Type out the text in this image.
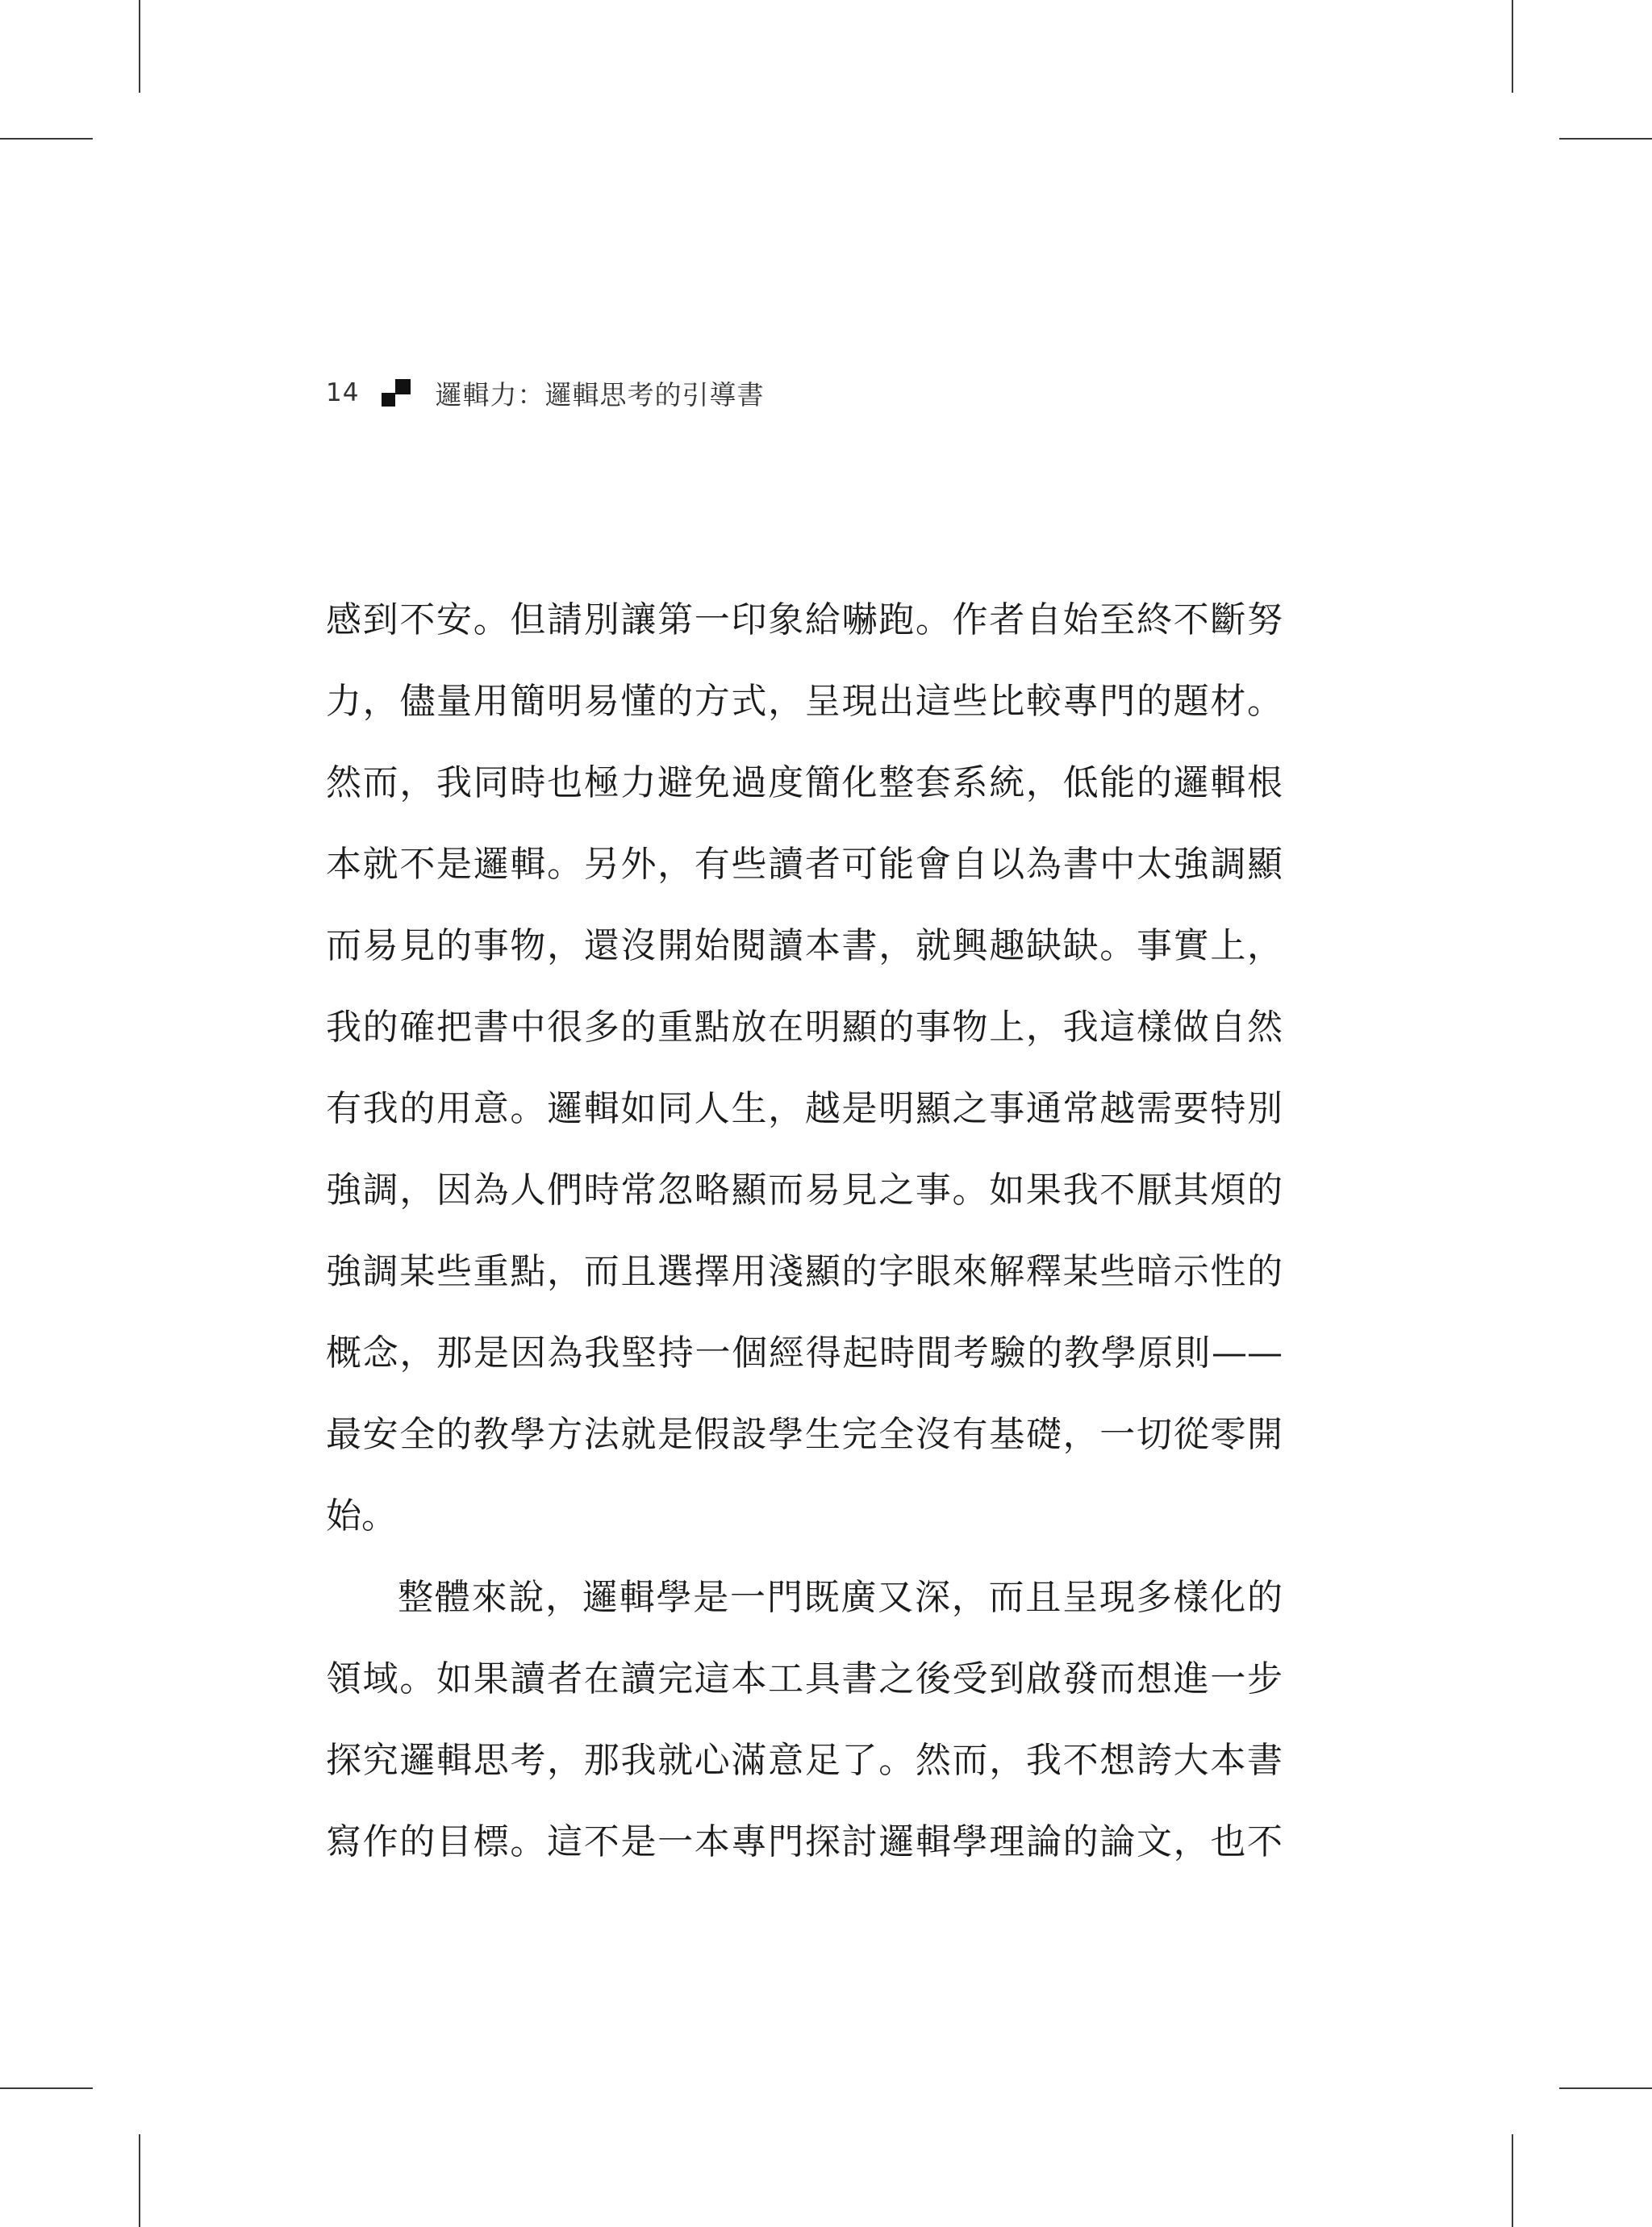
14	邏輯力：邏輯思考的引導書
感到不安。但請別讓第一印象給嚇跑。作者自始至終不斷努
力，儘量用簡明易懂的方式，呈現出這些比較專門的題材。
然而，我同時也極力避免過度簡化整套系統，低能的邏輯根
本就不是邏輯。另外，有些讀者可能會自以為書中太強調顯
而易見的事物，還沒開始閱讀本書，就興趣缺缺。事實上，
我的確把書中很多的重點放在明顯的事物上，我這樣做自然
有我的用意。邏輯如同人生，越是明顯之事通常越需要特別
強調，因為人們時常忽略顯而易見之事。如果我不厭其煩的
強調某些重點，而且選擇用淺顯的字眼來解釋某些暗示性的
概念，那是因為我堅持一個經得起時間考驗的教學原則——
最安全的教學方法就是假設學生完全沒有基礎，一切從零開
始。
整體來說，邏輯學是一門既廣又深，而且呈現多樣化的
領域。如果讀者在讀完這本工具書之後受到啟發而想進一步
探究邏輯思考，那我就心滿意足了。然而，我不想誇大本書
寫作的目標。這不是一本專門探討邏輯學理論的論文，也不
